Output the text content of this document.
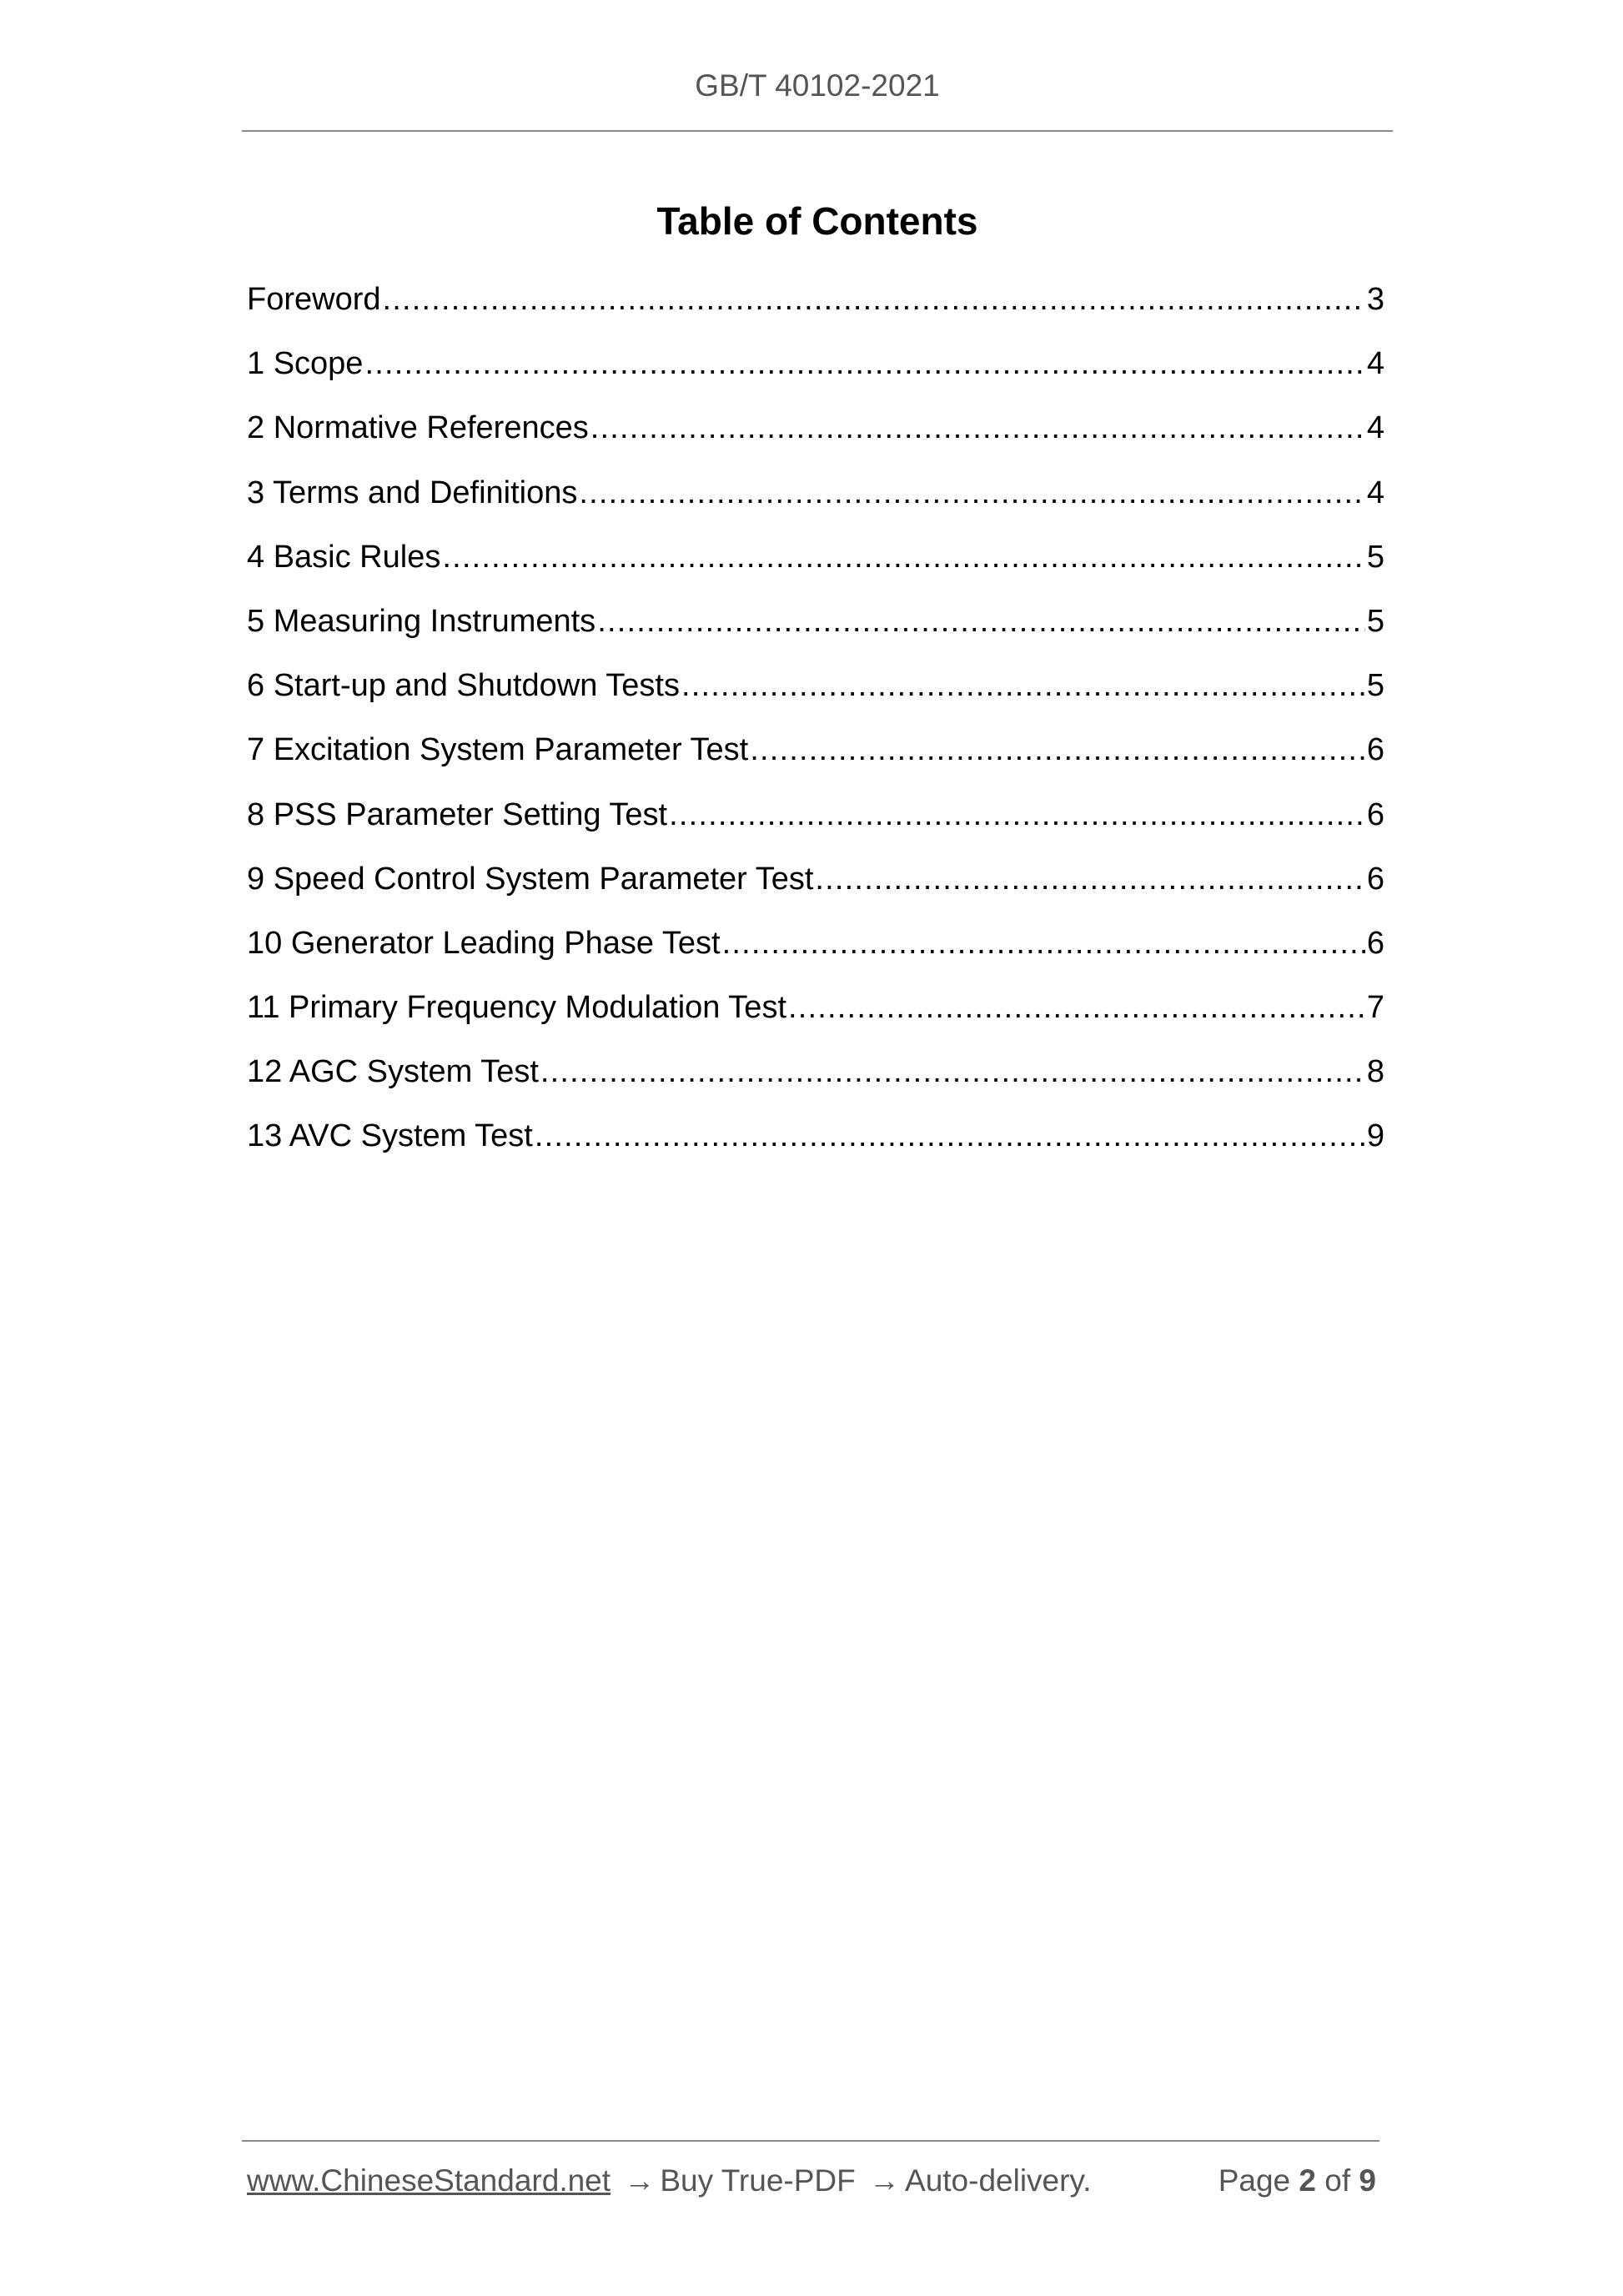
GB/T 40102-2021
Table of Contents
Foreword .....	3
1 Scope .....	4
2 Normative References .....	4
3 Terms and Definitions .....	4
4 Basic Rules .....	5
5 Measuring Instruments .....	5
6 Start-up and Shutdown Tests .....	5
7 Excitation System Parameter Test .....	6
8 PSS Parameter Setting Test .....	6
9 Speed Control System Parameter Test .....	6
10 Generator Leading Phase Test .....	6
11 Primary Frequency Modulation Test .....	7
12 AGC System Test .....	8
13 AVC System Test .....	9
www.ChineseStandard.net → Buy True-PDF → Auto-delivery.	Page 2 of 9
